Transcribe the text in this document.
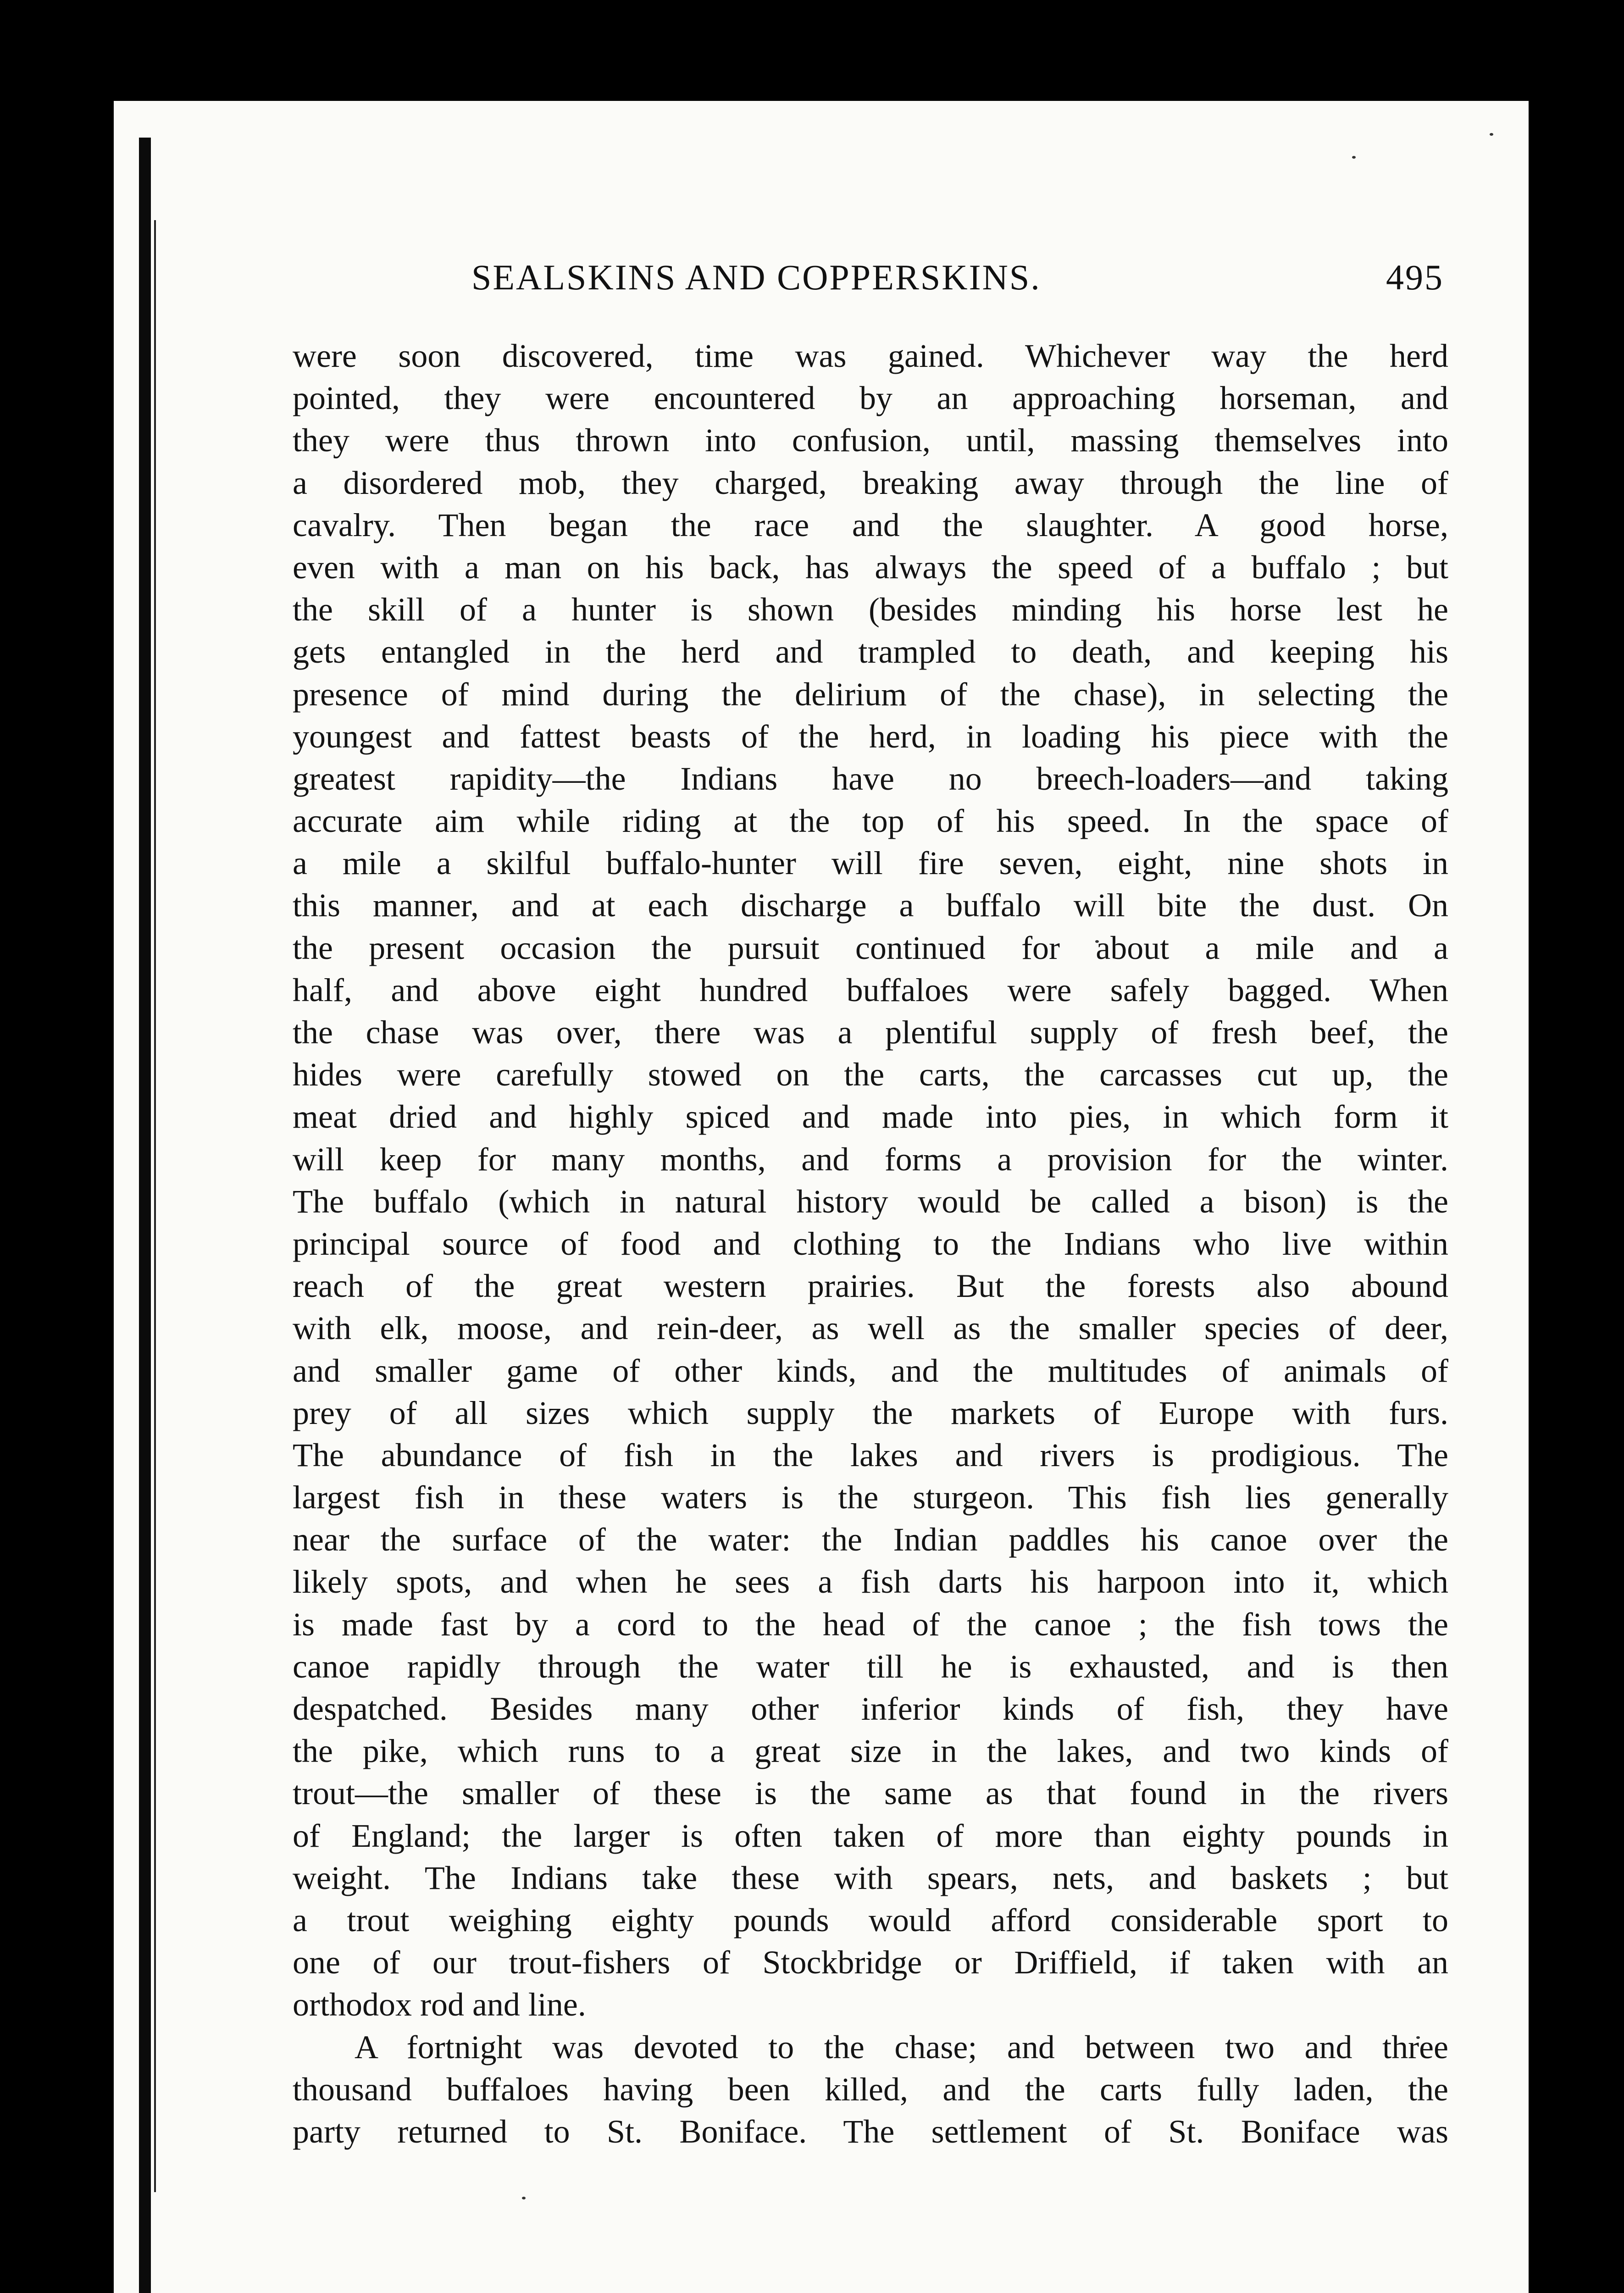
SEALSKINS AND COPPERSKINS.	495
were soon discovered, time was gained. Whichever way the herd
pointed, they were encountered by an approaching horseman, and
they were thus thrown into confusion, until, massing themselves into
a disordered mob, they charged, breaking away through the line of
cavalry. Then began the race and the slaughter. A good horse,
even with a man on his back, has always the speed of a buffalo ; but
the skill of a hunter is shown (besides minding his horse lest he
gets entangled in the herd and trampled to death, and keeping his
presence of mind during the delirium of the chase), in selecting the
youngest and fattest beasts of the herd, in loading his piece with the
greatest rapidity—the Indians have no breech-loaders—and taking
accurate aim while riding at the top of his speed. In the space of
a mile a skilful buffalo-hunter will fire seven, eight, nine shots in
this manner, and at each discharge a buffalo will bite the dust. On
the present occasion the pursuit continued for about a mile and a
half, and above eight hundred buffaloes were safely bagged. When
the chase was over, there was a plentiful supply of fresh beef, the
hides were carefully stowed on the carts, the carcasses cut up, the
meat dried and highly spiced and made into pies, in which form it
will keep for many months, and forms a provision for the winter.
The buffalo (which in natural history would be called a bison) is the
principal source of food and clothing to the Indians who live within
reach of the great western prairies. But the forests also abound
with elk, moose, and rein-deer, as well as the smaller species of deer,
and smaller game of other kinds, and the multitudes of animals of
prey of all sizes which supply the markets of Europe with furs.
The abundance of fish in the lakes and rivers is prodigious. The
largest fish in these waters is the sturgeon. This fish lies generally
near the surface of the water: the Indian paddles his canoe over the
likely spots, and when he sees a fish darts his harpoon into it, which
is made fast by a cord to the head of the canoe ; the fish tows the
canoe rapidly through the water till he is exhausted, and is then
despatched. Besides many other inferior kinds of fish, they have
the pike, which runs to a great size in the lakes, and two kinds of
trout—the smaller of these is the same as that found in the rivers
of England; the larger is often taken of more than eighty pounds in
weight. The Indians take these with spears, nets, and baskets ; but
a trout weighing eighty pounds would afford considerable sport to
one of our trout-fishers of Stockbridge or Driffield, if taken with an
orthodox rod and line.
A fortnight was devoted to the chase; and between two and three
thousand buffaloes having been killed, and the carts fully laden, the
party returned to St. Boniface. The settlement of St. Boniface was
